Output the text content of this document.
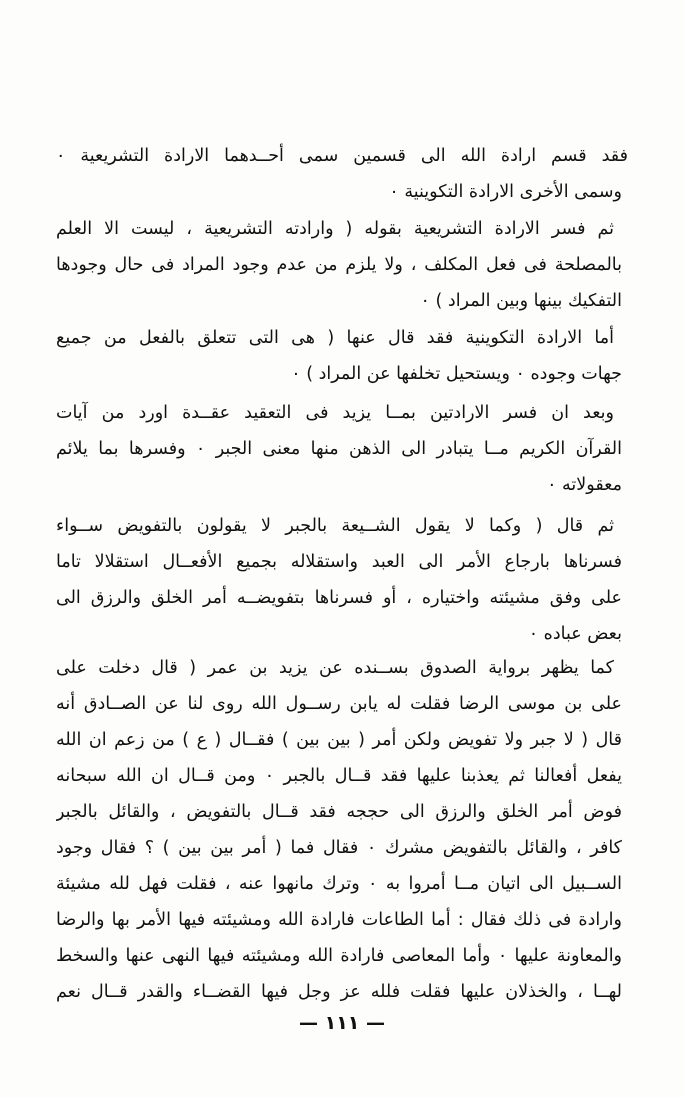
فقد قسم ارادة الله الى قسمين سمى أحــدهما الارادة التشريعية ٠
وسمى الأخرى الارادة التكوينية ٠
ثم فسر الارادة التشريعية بقوله ( وارادته التشريعية ، ليست الا العلم
بالمصلحة فى فعل المكلف ، ولا يلزم من عدم وجود المراد فى حال وجودها
التفكيك بينها وبين المراد ) ٠
أما الارادة التكوينية فقد قال عنها ( هى التى تتعلق بالفعل من جميع
جهات وجوده ٠ ويستحيل تخلفها عن المراد ) ٠
وبعد ان فسر الارادتين بمــا يزيد فى التعقيد عقــدة اورد من آيات
القرآن الكريم مــا يتبادر الى الذهن منها معنى الجبر ٠ وفسرها بما يلائم
معقولاته ٠
ثم قال ( وكما لا يقول الشــيعة بالجبر لا يقولون بالتفويض ســواء
فسرناها بارجاع الأمر الى العبد واستقلاله بجميع الأفعــال استقلالا تاما
على وفق مشيئته واختياره ، أو فسرناها بتفويضــه أمر الخلق والرزق الى
بعض عباده ٠
كما يظهر برواية الصدوق بســنده عن يزيد بن عمر ( قال دخلت على
على بن موسى الرضا فقلت له يابن رســول الله روى لنا عن الصــادق أنه
قال ( لا جبر ولا تفويض ولكن أمر ( بين بين ) فقــال ( ع ) من زعم ان الله
يفعل أفعالنا ثم يعذبنا عليها فقد قــال بالجبر ٠ ومن قــال ان الله سبحانه
فوض أمر الخلق والرزق الى حججه فقد قــال بالتفويض ، والقائل بالجبر
كافر ، والقائل بالتفويض مشرك ٠ فقال فما ( أمر بين بين ) ؟ فقال وجود
الســبيل الى اتيان مــا أمروا به ٠ وترك مانهوا عنه ، فقلت فهل لله مشيئة
وارادة فى ذلك فقال : أما الطاعات فارادة الله ومشيئته فيها الأمر بها والرضا
والمعاونة عليها ٠ وأما المعاصى فارادة الله ومشيئته فيها النهى عنها والسخط
لهــا ، والخذلان عليها فقلت فلله عز وجل فيها القضــاء والقدر قــال نعم
— ١١١ —
